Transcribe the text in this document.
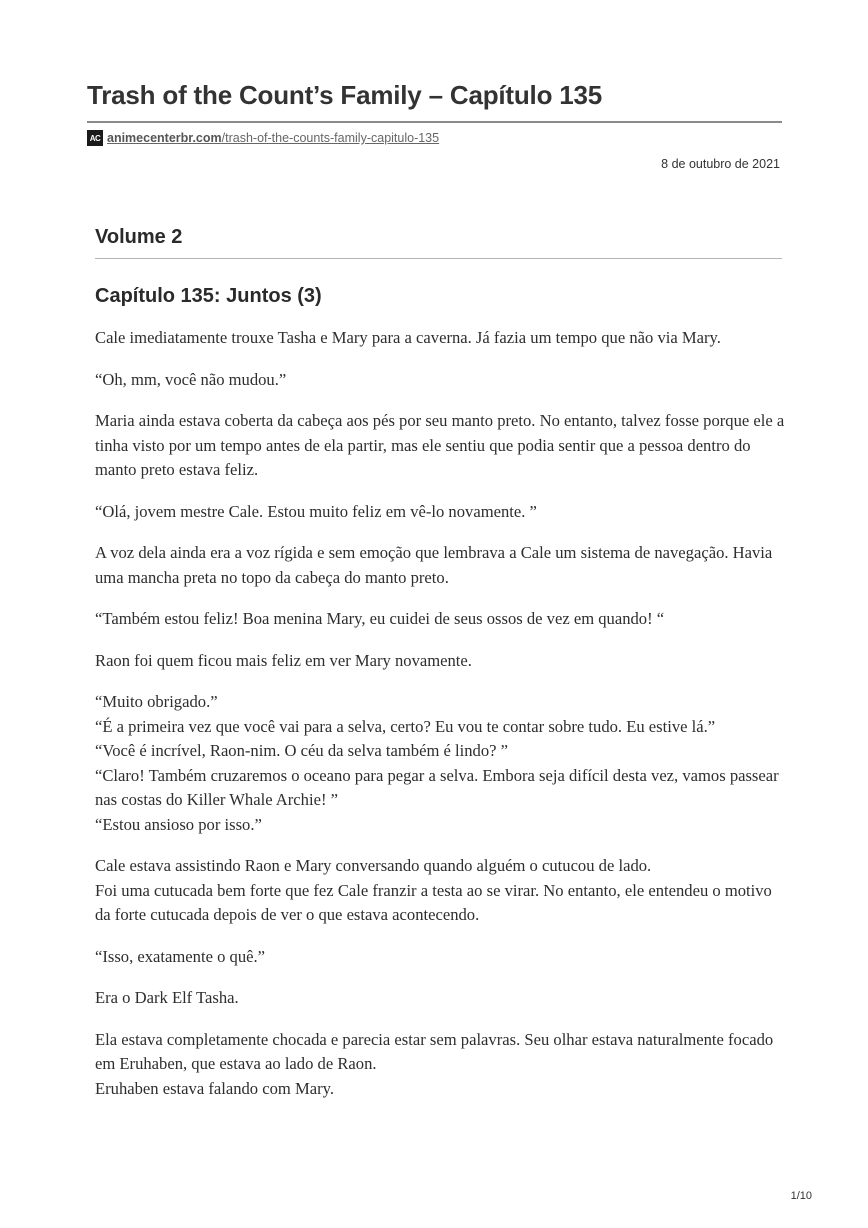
Trash of the Count’s Family – Capítulo 135
AC animecenterbr.com/trash-of-the-counts-family-capitulo-135
8 de outubro de 2021
Volume 2
Capítulo 135: Juntos (3)

Cale imediatamente trouxe Tasha e Mary para a caverna. Já fazia um tempo que não via Mary.

“Oh, mm, você não mudou.”

Maria ainda estava coberta da cabeça aos pés por seu manto preto. No entanto, talvez fosse porque ele a tinha visto por um tempo antes de ela partir, mas ele sentiu que podia sentir que a pessoa dentro do manto preto estava feliz.

“Olá, jovem mestre Cale. Estou muito feliz em vê-lo novamente. ”

A voz dela ainda era a voz rígida e sem emoção que lembrava a Cale um sistema de navegação. Havia uma mancha preta no topo da cabeça do manto preto.

“Também estou feliz! Boa menina Mary, eu cuidei de seus ossos de vez em quando! “

Raon foi quem ficou mais feliz em ver Mary novamente.

“Muito obrigado.”
“É a primeira vez que você vai para a selva, certo? Eu vou te contar sobre tudo. Eu estive lá.”
“Você é incrível, Raon-nim. O céu da selva também é lindo? ”
“Claro! Também cruzaremos o oceano para pegar a selva. Embora seja difícil desta vez, vamos passear nas costas do Killer Whale Archie! ”
“Estou ansioso por isso.”

Cale estava assistindo Raon e Mary conversando quando alguém o cutucou de lado.
Foi uma cutucada bem forte que fez Cale franzir a testa ao se virar. No entanto, ele entendeu o motivo da forte cutucada depois de ver o que estava acontecendo.

“Isso, exatamente o quê.”

Era o Dark Elf Tasha.

Ela estava completamente chocada e parecia estar sem palavras. Seu olhar estava naturalmente focado em Eruhaben, que estava ao lado de Raon.
Eruhaben estava falando com Mary.

1/10
